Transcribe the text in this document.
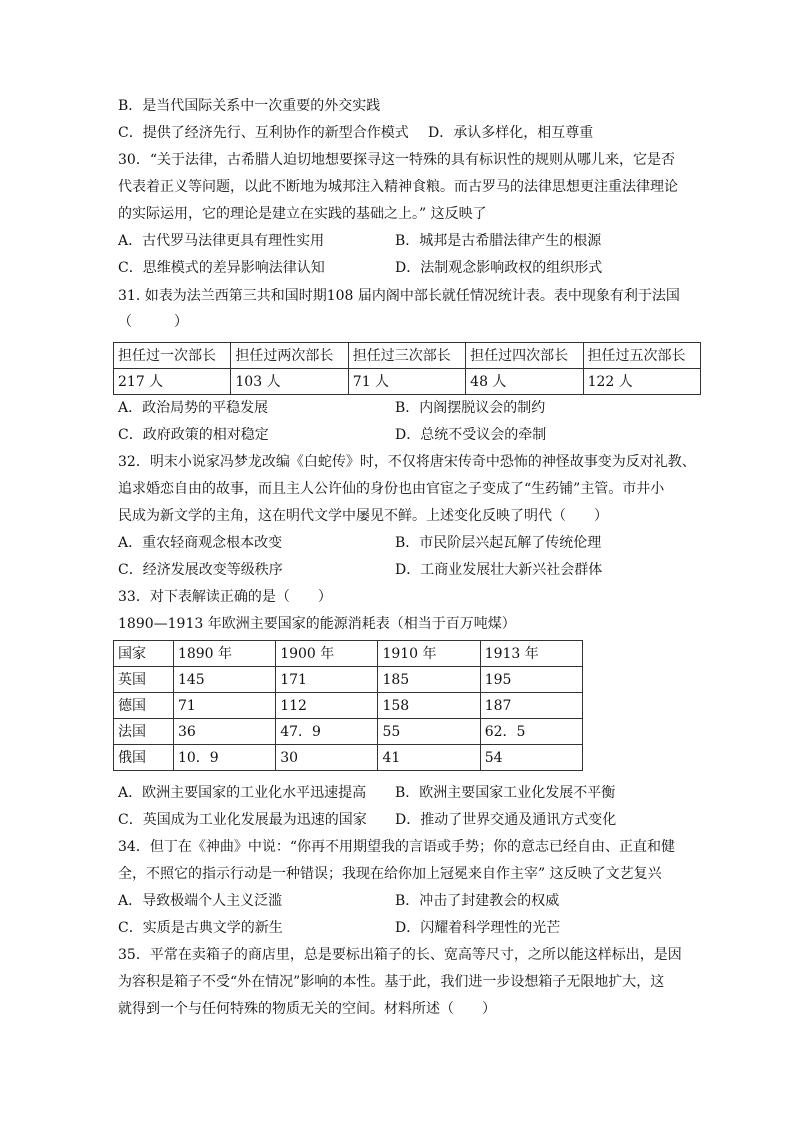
B．是当代国际关系中一次重要的外交实践
C．提供了经济先行、互利协作的新型合作模式 D．承认多样化，相互尊重
30．“关于法律，古希腊人迫切地想要探寻这一特殊的具有标识性的规则从哪儿来，它是否
代表着正义等问题，以此不断地为城邦注入精神食粮。而古罗马的法律思想更注重法律理论
的实际运用，它的理论是建立在实践的基础之上。” 这反映了
A．古代罗马法律更具有理性实用	B．城邦是古希腊法律产生的根源
C．思维模式的差异影响法律认知	D．法制观念影响政权的组织形式
31. 如表为法兰西第三共和国时期108 届内阁中部长就任情况统计表。表中现象有利于法国
（　　　）
担任过一次部长	担任过两次部长	担任过三次部长	担任过四次部长	担任过五次部长
217 人	103 人	71 人	48 人	122 人
A．政治局势的平稳发展	B．内阁摆脱议会的制约
C．政府政策的相对稳定	D．总统不受议会的牵制
32．明末小说家冯梦龙改编《白蛇传》时，不仅将唐宋传奇中恐怖的神怪故事变为反对礼教、
追求婚恋自由的故事，而且主人公许仙的身份也由官宦之子变成了“生药铺”主管。市井小
民成为新文学的主角，这在明代文学中屡见不鲜。上述变化反映了明代（　　）
A．重农轻商观念根本改变	B．市民阶层兴起瓦解了传统伦理
C．经济发展改变等级秩序	D．工商业发展壮大新兴社会群体
33．对下表解读正确的是（　　）
1890—1913 年欧洲主要国家的能源消耗表（相当于百万吨煤）
国家	1890 年	1900 年	1910 年	1913 年
英国	145	171	185	195
德国	71	112	158	187
法国	36	47．9	55	62．5
俄国	10．9	30	41	54
A．欧洲主要国家的工业化水平迅速提高 B．欧洲主要国家工业化发展不平衡
C．英国成为工业化发展最为迅速的国家 D．推动了世界交通及通讯方式变化
34．但丁在《神曲》中说：“你再不用期望我的言语或手势；你的意志已经自由、正直和健
全，不照它的指示行动是一种错误；我现在给你加上冠冕来自作主宰” 这反映了文艺复兴
A．导致极端个人主义泛滥	B．冲击了封建教会的权威
C．实质是古典文学的新生	D．闪耀着科学理性的光芒
35．平常在卖箱子的商店里，总是要标出箱子的长、宽高等尺寸，之所以能这样标出，是因
为容积是箱子不受“外在情况”影响的本性。基于此，我们进一步设想箱子无限地扩大，这
就得到一个与任何特殊的物质无关的空间。材料所述（　　）
